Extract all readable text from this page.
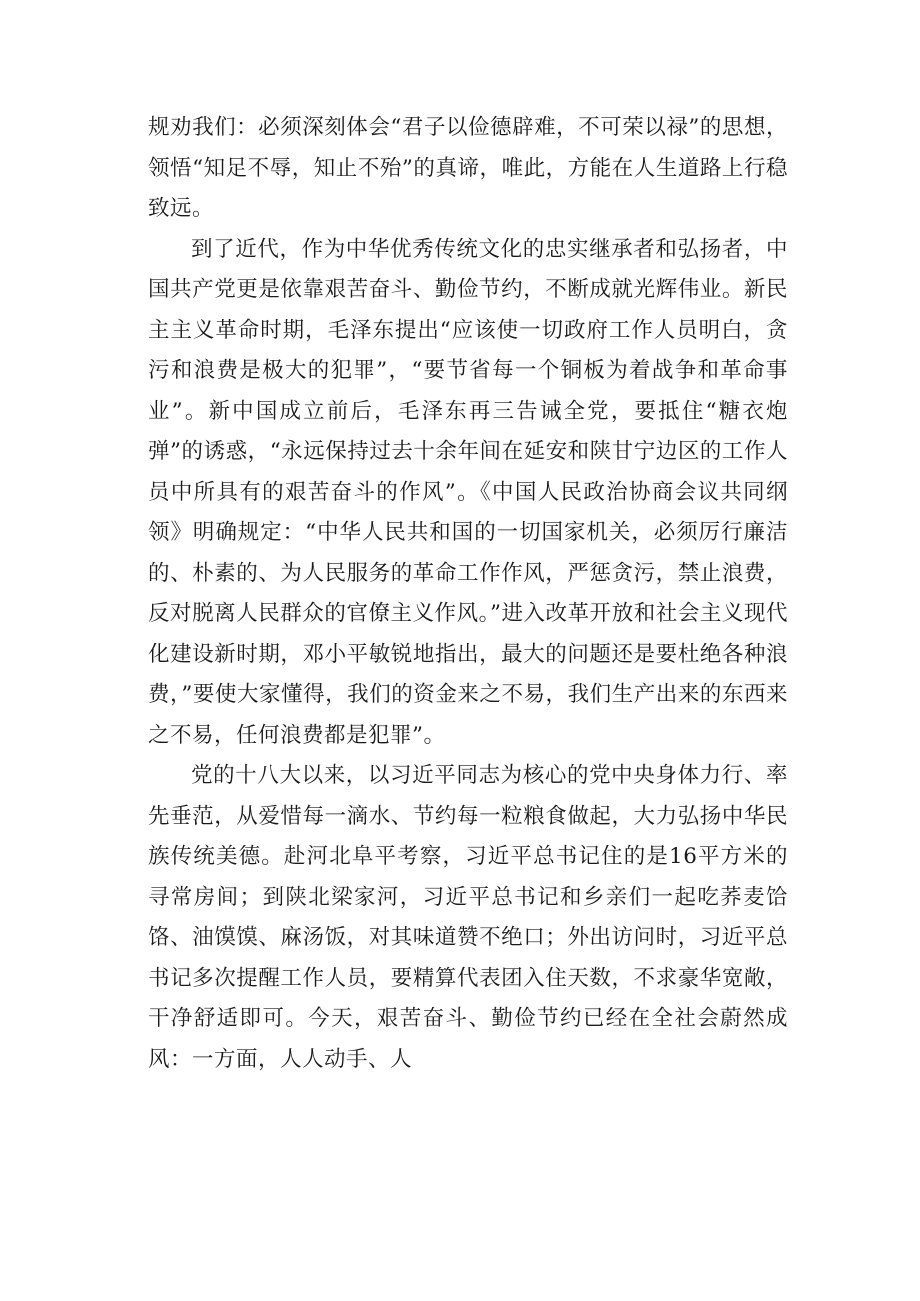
规劝我们：必须深刻体会“君子以俭德辟难，不可荣以禄”的思想，领悟“知足不辱，知止不殆”的真谛，唯此，方能在人生道路上行稳致远。

到了近代，作为中华优秀传统文化的忠实继承者和弘扬者，中国共产党更是依靠艰苦奋斗、勤俭节约，不断成就光辉伟业。新民主主义革命时期，毛泽东提出“应该使一切政府工作人员明白，贪污和浪费是极大的犯罪”，“要节省每一个铜板为着战争和革命事业”。新中国成立前后，毛泽东再三告诫全党，要抵住“糖衣炮弹”的诱惑，“永远保持过去十余年间在延安和陕甘宁边区的工作人员中所具有的艰苦奋斗的作风”。《中国人民政治协商会议共同纲领》明确规定：“中华人民共和国的一切国家机关，必须厉行廉洁的、朴素的、为人民服务的革命工作作风，严惩贪污，禁止浪费，反对脱离人民群众的官僚主义作风。”进入改革开放和社会主义现代化建设新时期，邓小平敏锐地指出，最大的问题还是要杜绝各种浪费，”要使大家懂得，我们的资金来之不易，我们生产出来的东西来之不易，任何浪费都是犯罪”。

党的十八大以来，以习近平同志为核心的党中央身体力行、率先垂范，从爱惜每一滴水、节约每一粒粮食做起，大力弘扬中华民族传统美德。赴河北阜平考察，习近平总书记住的是16平方米的寻常房间；到陕北梁家河，习近平总书记和乡亲们一起吃荞麦饸饹、油馍馍、麻汤饭，对其味道赞不绝口；外出访问时，习近平总书记多次提醒工作人员，要精算代表团入住天数，不求豪华宽敞，干净舒适即可。今天，艰苦奋斗、勤俭节约已经在全社会蔚然成风：一方面，人人动手、人
